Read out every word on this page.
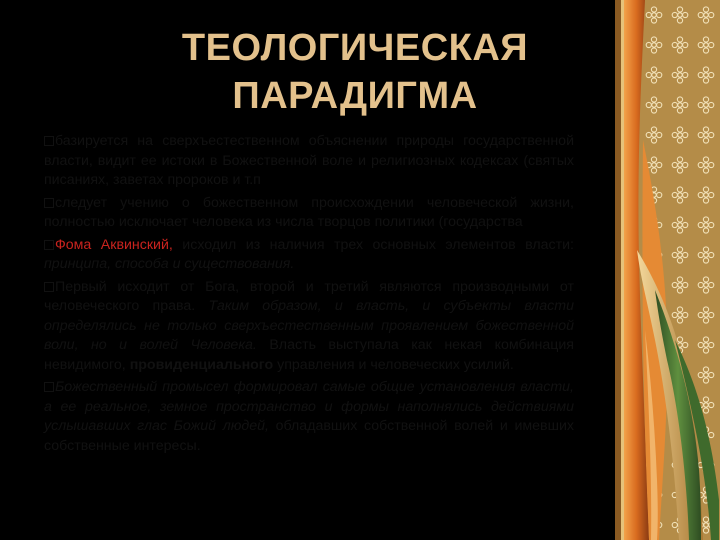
ТЕОЛОГИЧЕСКАЯ
ПАРАДИГМА

базируется на сверхъестественном объяснении природы государственной власти, видит ее истоки в Божественной воле и религиозных кодексах (святых писаниях, заветах пророков и т.п

следует учению о божественном происхождении человеческой жизни, полностью исключает человека из числа творцов политики (государства

Фома Аквинский, исходил из наличия трех основных элементов власти: принципа, способа и существования.

Первый исходит от Бога, второй и третий являются производными от человеческого права. Таким образом, и власть, и субъекты власти определялись не только сверхъестественным проявлением божественной воли, но и волей Человека. Власть выступала как некая комбинация невидимого, провиденциального управления и человеческих усилий.

Божественный промысел формировал самые общие установления власти, а ее реальное, земное пространство и формы наполнялись действиями услышавших глас Божий людей, обладавших собственной волей и имевших собственные интересы.
